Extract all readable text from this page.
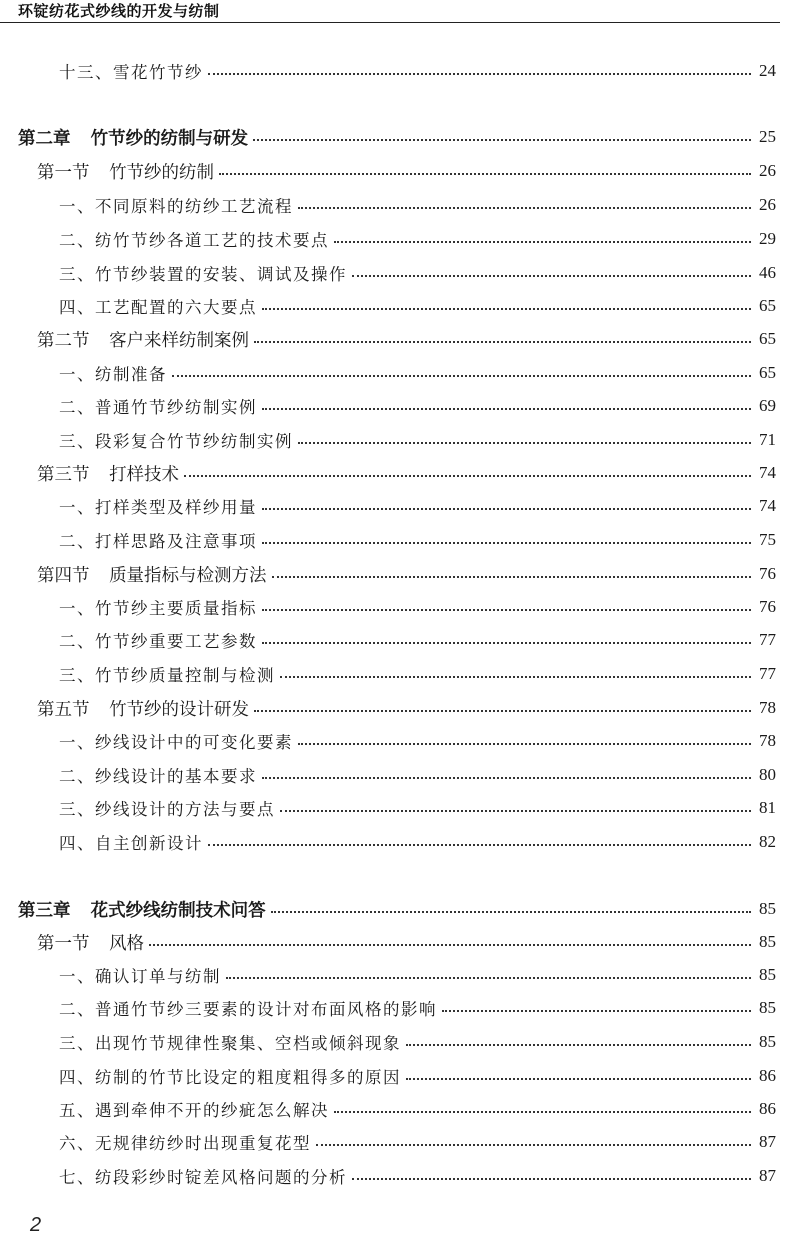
环锭纺花式纱线的开发与纺制
十三、雪花竹节纱	24
第二章 竹节纱的纺制与研发	25
第一节 竹节纱的纺制	26
一、不同原料的纺纱工艺流程	26
二、纺竹节纱各道工艺的技术要点	29
三、竹节纱装置的安装、调试及操作	46
四、工艺配置的六大要点	65
第二节 客户来样纺制案例	65
一、纺制准备	65
二、普通竹节纱纺制实例	69
三、段彩复合竹节纱纺制实例	71
第三节 打样技术	74
一、打样类型及样纱用量	74
二、打样思路及注意事项	75
第四节 质量指标与检测方法	76
一、竹节纱主要质量指标	76
二、竹节纱重要工艺参数	77
三、竹节纱质量控制与检测	77
第五节 竹节纱的设计研发	78
一、纱线设计中的可变化要素	78
二、纱线设计的基本要求	80
三、纱线设计的方法与要点	81
四、自主创新设计	82
第三章 花式纱线纺制技术问答	85
第一节 风格	85
一、确认订单与纺制	85
二、普通竹节纱三要素的设计对布面风格的影响	85
三、出现竹节规律性聚集、空档或倾斜现象	85
四、纺制的竹节比设定的粗度粗得多的原因	86
五、遇到牵伸不开的纱疵怎么解决	86
六、无规律纺纱时出现重复花型	87
七、纺段彩纱时锭差风格问题的分析	87
2
